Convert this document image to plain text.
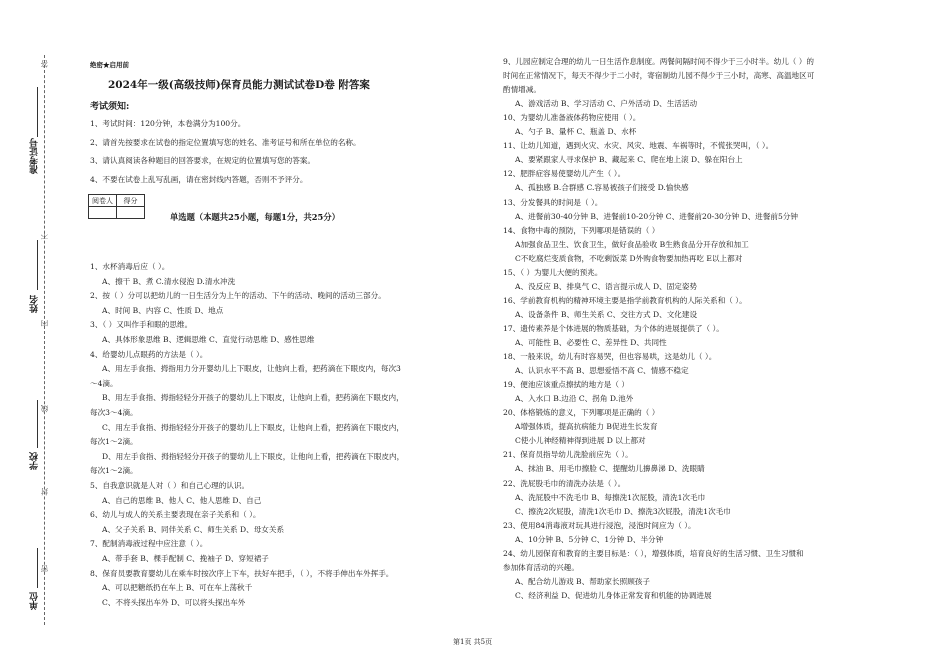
答
不
内
线
封
密
准考证号
姓名
学校
单位
绝密★启用前
2024年一级(高级技师)保育员能力测试试卷D卷 附答案
考试须知:
1、考试时间：120分钟，本卷满分为100分。
2、请首先按要求在试卷的指定位置填写您的姓名、准考证号和所在单位的名称。
3、请认真阅读各种题目的回答要求，在规定的位置填写您的答案。
4、不要在试卷上乱写乱画，请在密封线内答题，否则不予评分。
阅卷人	得分

单选题（本题共25小题，每题1分，共25分）
1、水杯消毒后应（ ）。
A、擦干 B、煮 C.清水侵泡 D.清水冲洗
2、按（ ）分可以把幼儿的一日生活分为上午的活动、下午的活动、晚间的活动三部分。
A、时间 B、内容 C、性质 D、地点
3、（ ）又叫作手和眼的思维。
A、具体形象思维 B、逻辑思维 C、直觉行动思维 D、感性思维
4、给婴幼儿点眼药的方法是（ ）。
A、用左手食指、拇指用力分开婴幼儿上下眼皮，让他向上看，把药滴在下眼皮内，每次3
～4滴。
B、用左手食指、拇指轻轻分开孩子的婴幼儿上下眼皮，让他向上看，把药滴在下眼皮内，
每次3～4滴。
C、用左手食指、拇指轻轻分开孩子的婴幼儿上下眼皮，让他向上看，把药滴在下眼皮内，
每次1～2滴。
D、用左手食指、拇指轻轻分开孩子的婴幼儿上下眼皮，让他向上看，把药滴在下眼皮内，
每次1～2滴。
5、自我意识就是人对（ ）和自己心理的认识。
A、自己的思维 B、他人 C、他人思维 D、自己
6、幼儿与成人的关系主要表现在亲子关系和（ ）。
A、父子关系 B、同伴关系 C、师生关系 D、母女关系
7、配制消毒液过程中应注意（ ）。
A、带手套 B、棵手配制 C、挽袖子 D、穿短裙子
8、保育员要教育婴幼儿在乘车时按次序上下车，扶好车把手，（ ），不将手伸出车外挥手。
A、可以把糖纸扔在车上 B、可在车上荡秋千
C、不将头探出车外 D、可以将头探出车外
9、儿园应制定合理的幼儿一日生活作息制度。两餐间隔时间不得少于三小时半。幼儿（ ）的
时间在正常情况下，每天不得少于二小时，寄宿制幼儿园不得少于三小时，高寒、高温地区可
酌情增减。
A、游戏活动 B、学习活动 C、户外活动 D、生活活动
10、为婴幼儿准备液体药物应使用（ ）。
A、勺子 B、量杯 C、瓶盖 D、水杯
11、让幼儿知道，遇到火灾、水灾、风灾、地震、车祸等时，不慌张哭叫，（ ）。
A、要紧跟家人寻求保护 B、藏起来 C、爬在地上滚 D、躲在阳台上
12、肥胖症容易使婴幼儿产生（ ）。
A、孤独感 B.合群感 C.容易被孩子们接受 D.愉快感
13、分发餐具的时间是（ ）。
A、进餐前30-40分钟 B、进餐前10-20分钟 C、进餐前20-30分钟 D、进餐前5分钟
14、食物中毒的预防，下列哪项是错误的（ ）
A加强食品卫生、饮食卫生，做好食品验收 B生熟食品分开存放和加工
C不吃腐烂变质食物，不吃剩饭菜 D外购食物要加热再吃 E以上都对
15、（ ）为婴儿大便的预兆。
A、没反应 B、排臭气 C、语言提示成人 D、固定姿势
16、学前教育机构的精神环境主要是指学前教育机构的人际关系和（ ）。
A、设备条件 B、师生关系 C、交往方式 D、文化建设
17、遗传素养是个体进展的物质基础，为个体的进展提供了（ ）。
A、可能性 B、必要性 C、差异性 D、共同性
18、一般来说，幼儿有时容易哭，但也容易哄，这是幼儿（ ）。
A、认识水平不高 B、思想爱悟不高 C、情感不稳定
19、便池应该重点擦拭的地方是（ ）
A、入水口 B.边沿 C、拐角 D.池外
20、体格锻炼的意义，下列哪项是正确的（ ）
A增强体质，提高抗病能力 B促进生长发育
C使小儿神经精神得到进展 D 以上都对
21、保育员指导幼儿洗脸前应先（ ）。
A、抹油 B、用毛巾擦脸 C、提醒幼儿擤鼻涕 D、洗眼睛
22、洗屁股毛巾的清洗办法是（ ）。
A、洗屁股中不洗毛巾 B、每擦洗1次屁股，清洗1次毛巾
C、擦洗2次屁股，清洗1次毛巾 D、擦洗3次屁股，清洗1次毛巾
23、使用84消毒液对玩具进行浸泡，浸泡时间应为（ ）。
A、10分钟 B、5分钟 C、1分钟 D、半分钟
24、幼儿园保育和教育的主要目标是：（ ），增强体质，培育良好的生活习惯、卫生习惯和
参加体育活动的兴趣。
A、配合幼儿游戏 B、帮助家长照顾孩子
C、经济利益 D、促进幼儿身体正常发育和机能的协调进展
第1页 共5页
